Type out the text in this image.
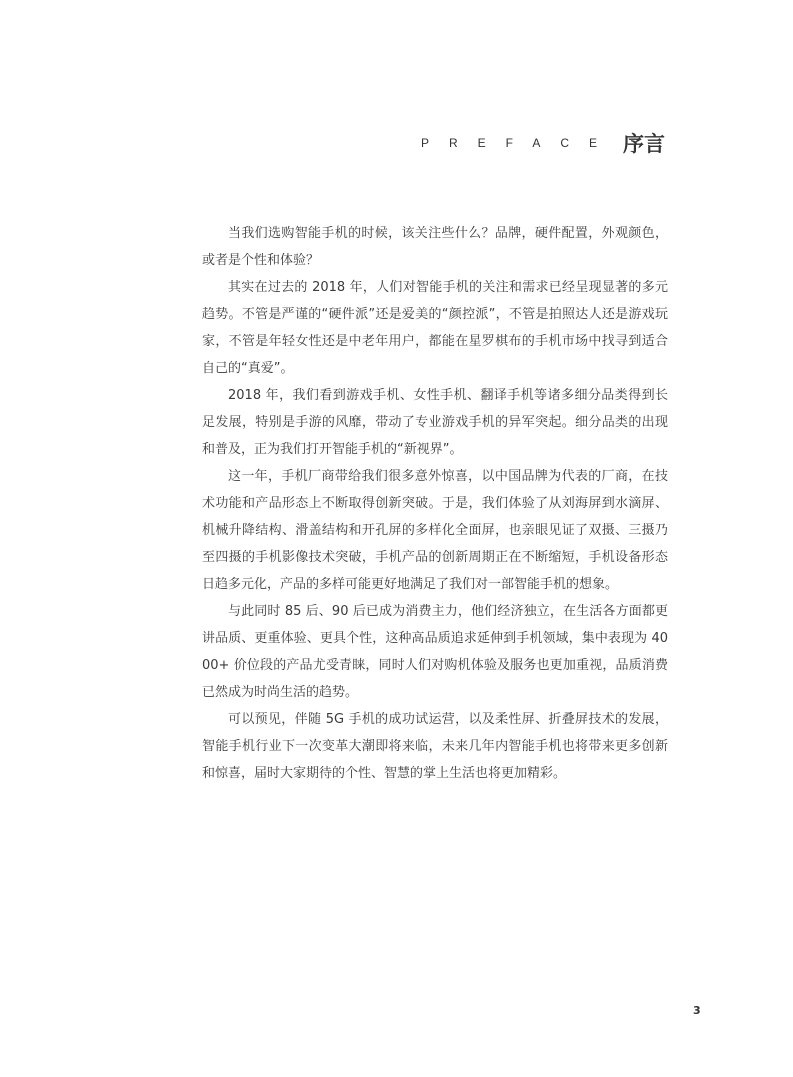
PREFACE 序言

当我们选购智能手机的时候，该关注些什么？品牌，硬件配置，外观颜色，或者是个性和体验？

其实在过去的 2018 年，人们对智能手机的关注和需求已经呈现显著的多元趋势。不管是严谨的“硬件派”还是爱美的“颜控派”，不管是拍照达人还是游戏玩家，不管是年轻女性还是中老年用户，都能在星罗棋布的手机市场中找寻到适合自己的“真爱”。

2018 年，我们看到游戏手机、女性手机、翻译手机等诸多细分品类得到长足发展，特别是手游的风靡，带动了专业游戏手机的异军突起。细分品类的出现和普及，正为我们打开智能手机的“新视界”。

这一年，手机厂商带给我们很多意外惊喜，以中国品牌为代表的厂商，在技术功能和产品形态上不断取得创新突破。于是，我们体验了从刘海屏到水滴屏、机械升降结构、滑盖结构和开孔屏的多样化全面屏，也亲眼见证了双摄、三摄乃至四摄的手机影像技术突破，手机产品的创新周期正在不断缩短，手机设备形态日趋多元化，产品的多样可能更好地满足了我们对一部智能手机的想象。

与此同时 85 后、90 后已成为消费主力，他们经济独立，在生活各方面都更讲品质、更重体验、更具个性，这种高品质追求延伸到手机领域，集中表现为 4000+ 价位段的产品尤受青睐，同时人们对购机体验及服务也更加重视，品质消费已然成为时尚生活的趋势。

可以预见，伴随 5G 手机的成功试运营，以及柔性屏、折叠屏技术的发展，智能手机行业下一次变革大潮即将来临，未来几年内智能手机也将带来更多创新和惊喜，届时大家期待的个性、智慧的掌上生活也将更加精彩。

3
